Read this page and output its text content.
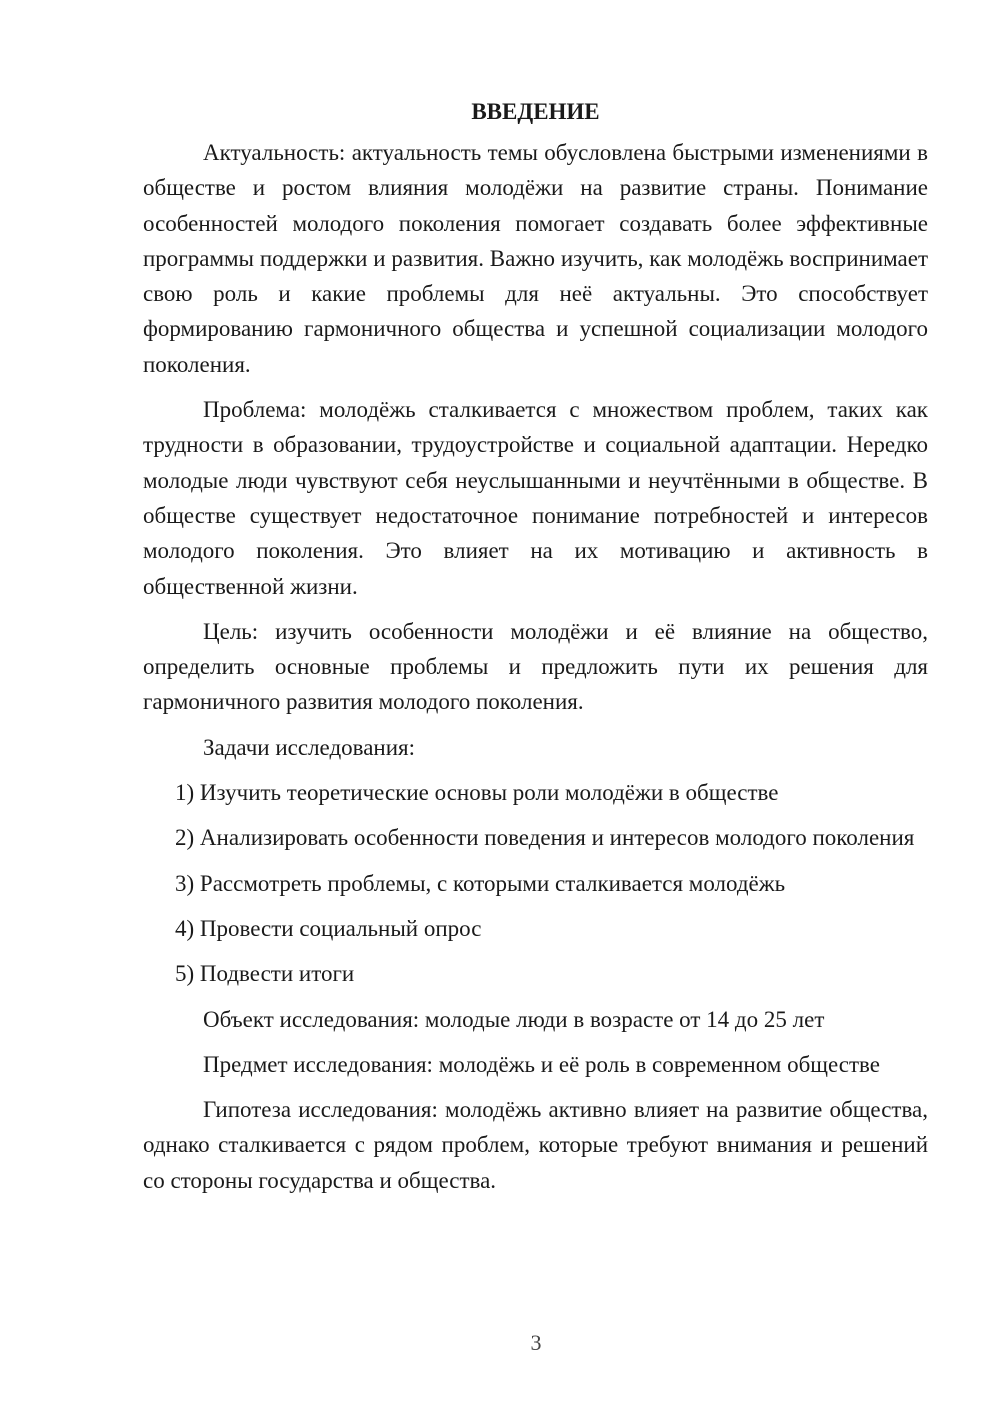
ВВЕДЕНИЕ

Актуальность: актуальность темы обусловлена быстрыми изменениями в обществе и ростом влияния молодёжи на развитие страны. Понимание особенностей молодого поколения помогает создавать более эффективные программы поддержки и развития. Важно изучить, как молодёжь воспринимает свою роль и какие проблемы для неё актуальны. Это способствует формированию гармоничного общества и успешной социализации молодого поколения.

Проблема: молодёжь сталкивается с множеством проблем, таких как трудности в образовании, трудоустройстве и социальной адаптации. Нередко молодые люди чувствуют себя неуслышанными и неучтёнными в обществе. В обществе существует недостаточное понимание потребностей и интересов молодого поколения. Это влияет на их мотивацию и активность в общественной жизни.

Цель: изучить особенности молодёжи и её влияние на общество, определить основные проблемы и предложить пути их решения для гармоничного развития молодого поколения.

Задачи исследования:

1) Изучить теоретические основы роли молодёжи в обществе

2) Анализировать особенности поведения и интересов молодого поколения

3) Рассмотреть проблемы, с которыми сталкивается молодёжь

4) Провести социальный опрос

5) Подвести итоги

Объект исследования: молодые люди в возрасте от 14 до 25 лет

Предмет исследования: молодёжь и её роль в современном обществе

Гипотеза исследования: молодёжь активно влияет на развитие общества, однако сталкивается с рядом проблем, которые требуют внимания и решений со стороны государства и общества.

3
